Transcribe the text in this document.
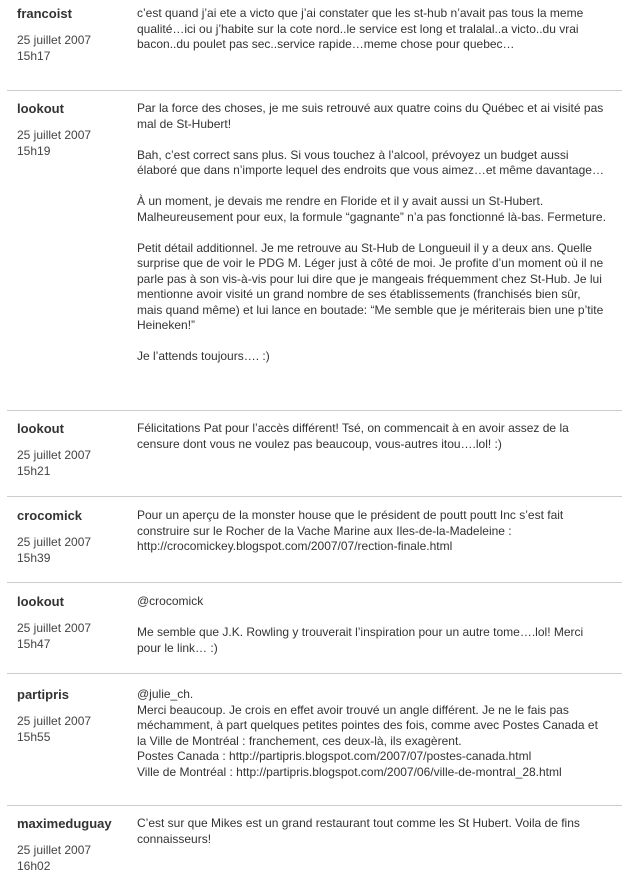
francoist
25 juillet 2007
15h17

c’est quand j’ai ete a victo que j’ai constater que les st-hub n’avait pas tous la meme qualité…ici ou j’habite sur la cote nord..le service est long et tralalal..a victo..du vrai bacon..du poulet pas sec..service rapide…meme chose pour quebec…

lookout
25 juillet 2007
15h19

Par la force des choses, je me suis retrouvé aux quatre coins du Québec et ai visité pas mal de St-Hubert!

Bah, c’est correct sans plus. Si vous touchez à l’alcool, prévoyez un budget aussi élaboré que dans n’importe lequel des endroits que vous aimez…et même davantage…

À un moment, je devais me rendre en Floride et il y avait aussi un St-Hubert. Malheureusement pour eux, la formule “gagnante” n’a pas fonctionné là-bas. Fermeture.

Petit détail additionnel. Je me retrouve au St-Hub de Longueuil il y a deux ans. Quelle surprise que de voir le PDG M. Léger just à côté de moi. Je profite d’un moment où il ne parle pas à son vis-à-vis pour lui dire que je mangeais fréquemment chez St-Hub. Je lui mentionne avoir visité un grand nombre de ses établissements (franchisés bien sûr, mais quand même) et lui lance en boutade: “Me semble que je mériterais bien une p’tite Heineken!”

Je l’attends toujours…. :)

lookout
25 juillet 2007
15h21

Félicitations Pat pour l’accès différent! Tsé, on commencait à en avoir assez de la censure dont vous ne voulez pas beaucoup, vous-autres itou….lol! :)

crocomick
25 juillet 2007
15h39

Pour un aperçu de la monster house que le président de poutt poutt Inc s’est fait construire sur le Rocher de la Vache Marine aux Iles-de-la-Madeleine : http://crocomickey.blogspot.com/2007/07/rection-finale.html

lookout
25 juillet 2007
15h47

@crocomick

Me semble que J.K. Rowling y trouverait l’inspiration pour un autre tome….lol! Merci pour le link… :)

partipris
25 juillet 2007
15h55
@julie_ch.
Merci beaucoup. Je crois en effet avoir trouvé un angle différent. Je ne le fais pas méchamment, à part quelques petites pointes des fois, comme avec Postes Canada et la Ville de Montréal : franchement, ces deux-là, ils exagèrent.
Postes Canada : http://partipris.blogspot.com/2007/07/postes-canada.html
Ville de Montréal : http://partipris.blogspot.com/2007/06/ville-de-montral_28.html
maximeduguay
25 juillet 2007
16h02

C’est sur que Mikes est un grand restaurant tout comme les St Hubert. Voila de fins connaisseurs!
